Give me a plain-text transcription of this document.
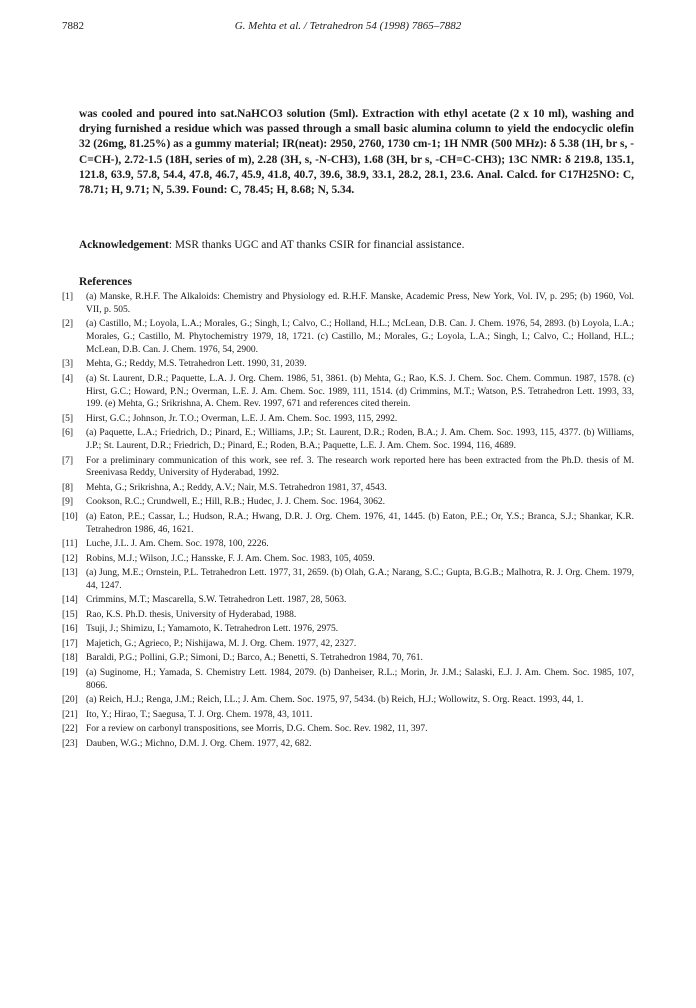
7882	G. Mehta et al. / Tetrahedron 54 (1998) 7865–7882

was cooled and poured into sat.NaHCO3 solution (5ml). Extraction with ethyl acetate (2 x 10 ml), washing and drying furnished a residue which was passed through a small basic alumina column to yield the endocyclic olefin 32 (26mg, 81.25%) as a gummy material; IR(neat): 2950, 2760, 1730 cm-1; 1H NMR (500 MHz): δ 5.38 (1H, br s, -C=CH-), 2.72-1.5 (18H, series of m), 2.28 (3H, s, -N-CH3), 1.68 (3H, br s, -CH=C-CH3); 13C NMR: δ 219.8, 135.1, 121.8, 63.9, 57.8, 54.4, 47.8, 46.7, 45.9, 41.8, 40.7, 39.6, 38.9, 33.1, 28.2, 28.1, 23.6. Anal. Calcd. for C17H25NO: C, 78.71; H, 9.71; N, 5.39. Found: C, 78.45; H, 8.68; N, 5.34.

Acknowledgement: MSR thanks UGC and AT thanks CSIR for financial assistance.

References
[1]	(a) Manske, R.H.F. The Alkaloids: Chemistry and Physiology ed. R.H.F. Manske, Academic Press, New York, Vol. IV, p. 295; (b) 1960, Vol. VII, p. 505.
[2]	(a) Castillo, M.; Loyola, L.A.; Morales, G.; Singh, I.; Calvo, C.; Holland, H.L.; McLean, D.B. Can. J. Chem. 1976, 54, 2893. (b) Loyola, L.A.; Morales, G.; Castillo, M. Phytochemistry 1979, 18, 1721. (c) Castillo, M.; Morales, G.; Loyola, L.A.; Singh, I.; Calvo, C.; Holland, H.L.; McLean, D.B. Can. J. Chem. 1976, 54, 2900.
[3]	Mehta, G.; Reddy, M.S. Tetrahedron Lett. 1990, 31, 2039.
[4]	(a) St. Laurent, D.R.; Paquette, L.A. J. Org. Chem. 1986, 51, 3861. (b) Mehta, G.; Rao, K.S. J. Chem. Soc. Chem. Commun. 1987, 1578. (c) Hirst, G.C.; Howard, P.N.; Overman, L.E. J. Am. Chem. Soc. 1989, 111, 1514. (d) Crimmins, M.T.; Watson, P.S. Tetrahedron Lett. 1993, 33, 199. (e) Mehta, G.; Srikrishna, A. Chem. Rev. 1997, 671 and references cited therein.
[5]	Hirst, G.C.; Johnson, Jr. T.O.; Overman, L.E. J. Am. Chem. Soc. 1993, 115, 2992.
[6]	(a) Paquette, L.A.; Friedrich, D.; Pinard, E.; Williams, J.P.; St. Laurent, D.R.; Roden, B.A.; J. Am. Chem. Soc. 1993, 115, 4377. (b) Williams, J.P.; St. Laurent, D.R.; Friedrich, D.; Pinard, E.; Roden, B.A.; Paquette, L.E. J. Am. Chem. Soc. 1994, 116, 4689.
[7]	For a preliminary communication of this work, see ref. 3. The research work reported here has been extracted from the Ph.D. thesis of M. Sreenivasa Reddy, University of Hyderabad, 1992.
[8]	Mehta, G.; Srikrishna, A.; Reddy, A.V.; Nair, M.S. Tetrahedron 1981, 37, 4543.
[9]	Cookson, R.C.; Crundwell, E.; Hill, R.B.; Hudec, J. J. Chem. Soc. 1964, 3062.
[10] (a) Eaton, P.E.; Cassar, L.; Hudson, R.A.; Hwang, D.R. J. Org. Chem. 1976, 41, 1445. (b) Eaton, P.E.; Or, Y.S.; Branca, S.J.; Shankar, K.R. Tetrahedron 1986, 46, 1621.
[11] Luche, J.L. J. Am. Chem. Soc. 1978, 100, 2226.
[12] Robins, M.J.; Wilson, J.C.; Hansske, F. J. Am. Chem. Soc. 1983, 105, 4059.
[13] (a) Jung, M.E.; Ornstein, P.L. Tetrahedron Lett. 1977, 31, 2659. (b) Olah, G.A.; Narang, S.C.; Gupta, B.G.B.; Malhotra, R. J. Org. Chem. 1979, 44, 1247.
[14] Crimmins, M.T.; Mascarella, S.W. Tetrahedron Lett. 1987, 28, 5063.
[15] Rao, K.S. Ph.D. thesis, University of Hyderabad, 1988.
[16] Tsuji, J.; Shimizu, I.; Yamamoto, K. Tetrahedron Lett. 1976, 2975.
[17] Majetich, G.; Agrieco, P.; Nishijawa, M. J. Org. Chem. 1977, 42, 2327.
[18] Baraldi, P.G.; Pollini, G.P.; Simoni, D.; Barco, A.; Benetti, S. Tetrahedron 1984, 70, 761.
[19] (a) Suginome, H.; Yamada, S. Chemistry Lett. 1984, 2079. (b) Danheiser, R.L.; Morin, Jr. J.M.; Salaski, E.J. J. Am. Chem. Soc. 1985, 107, 8066.
[20] (a) Reich, H.J.; Renga, J.M.; Reich, I.L.; J. Am. Chem. Soc. 1975, 97, 5434. (b) Reich, H.J.; Wollowitz, S. Org. React. 1993, 44, 1.
[21] Ito, Y.; Hirao, T.; Saegusa, T. J. Org. Chem. 1978, 43, 1011.
[22] For a review on carbonyl transpositions, see Morris, D.G. Chem. Soc. Rev. 1982, 11, 397.
[23] Dauben, W.G.; Michno, D.M. J. Org. Chem. 1977, 42, 682.
